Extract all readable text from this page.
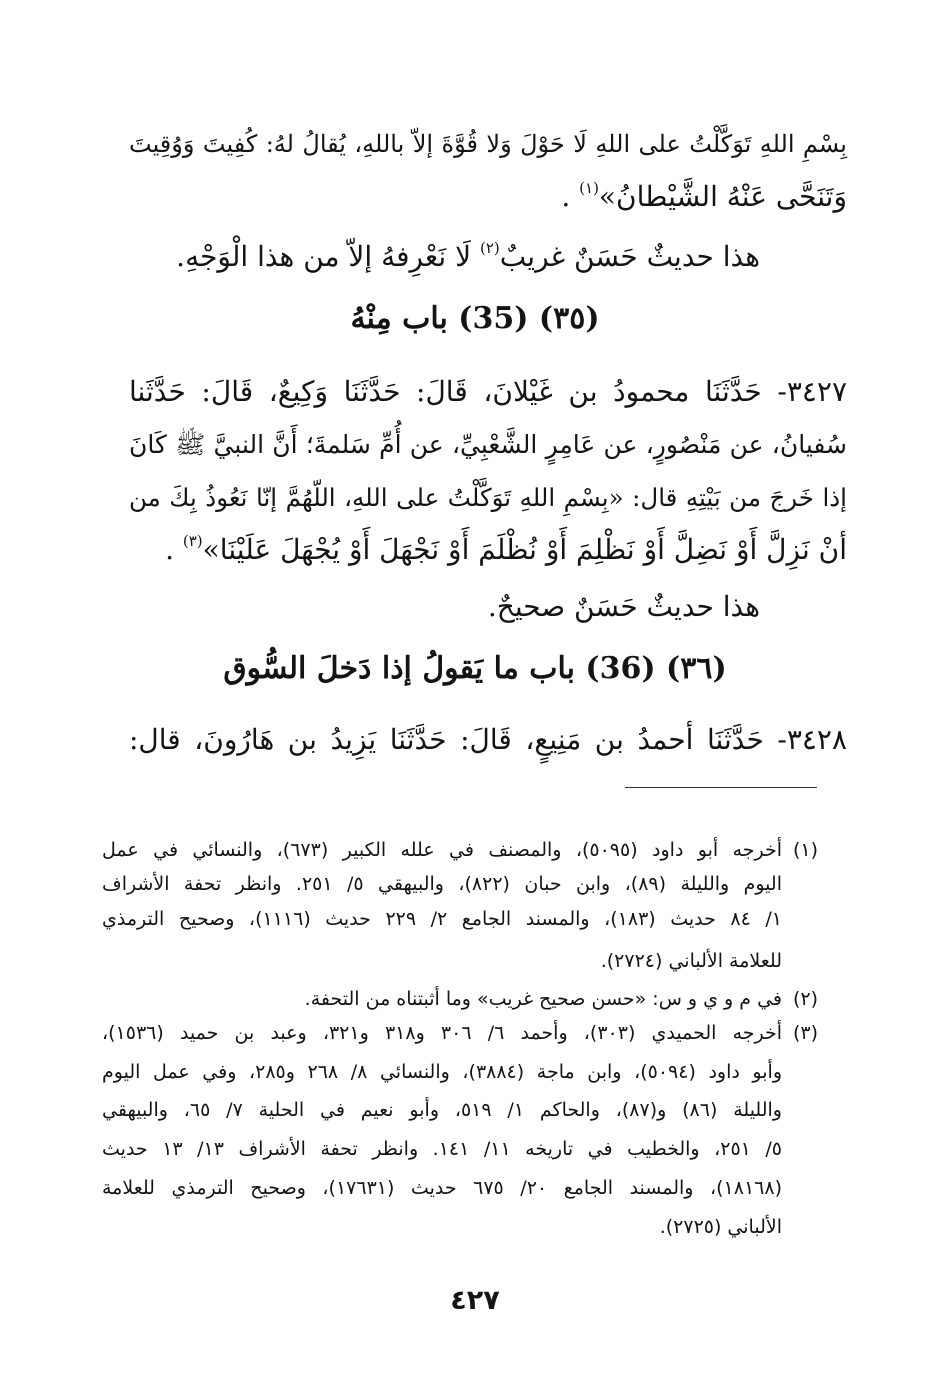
بِسْمِ اللهِ تَوَكَّلْتُ على اللهِ لَا حَوْلَ وَلا قُوَّةَ إلاّ باللهِ، يُقالُ لهُ: كُفِيتَ وَوُقِيتَ

وَتَنَحَّى عَنْهُ الشَّيْطانُ»$^{(١)}$ .

هذا حديثٌ حَسَنٌ غريبٌ$^{(٢)}$ لَا نَعْرِفهُ إلاّ من هذا الْوَجْهِ.

(٣٥) (35) باب مِنْهُ

٣٤٢٧- حَدَّثَنَا محمودُ بن غَيْلانَ، قَالَ: حَدَّثَنَا وَكِيعٌ، قَالَ: حَدَّثَنا

سُفيانُ، عن مَنْصُورٍ، عن عَامِرٍ الشَّعْبِيِّ، عن أُمِّ سَلمةَ؛ أَنَّ النبيَّ ﷺ كَانَ

إذا خَرجَ من بَيْتِهِ قال: «بِسْمِ اللهِ تَوَكَّلْتُ على اللهِ، اللّهُمَّ إنّا نَعُوذُ بِكَ من

أنْ نَزِلَّ أَوْ نَضِلَّ أَوْ نَظْلِمَ أَوْ نُظْلَمَ أَوْ نَجْهَلَ أَوْ يُجْهَلَ عَلَيْنَا»$^{(٣)}$ .

هذا حديثٌ حَسَنٌ صحيحٌ.

(٣٦) (36) باب ما يَقولُ إذا دَخلَ السُّوق

٣٤٢٨- حَدَّثَنَا أحمدُ بن مَنِيعٍ، قَالَ: حَدَّثَنَا يَزِيدُ بن هَارُونَ، قال:

(١)

أخرجه أبو داود (٥٠٩٥)، والمصنف في علله الكبير (٦٧٣)، والنسائي في عمل

اليوم والليلة (٨٩)، وابن حبان (٨٢٢)، والبيهقي ٥/ ٢٥١. وانظر تحفة الأشراف

١/ ٨٤ حديث (١٨٣)، والمسند الجامع ٢/ ٢٢٩ حديث (١١١٦)، وصحيح الترمذي

للعلامة الألباني (٢٧٢٤).

(٢)

في م و ي و س: «حسن صحيح غريب» وما أثبتناه من التحفة.

(٣)

أخرجه الحميدي (٣٠٣)، وأحمد ٦/ ٣٠٦ و٣١٨ و٣٢١، وعبد بن حميد (١٥٣٦)،

وأبو داود (٥٠٩٤)، وابن ماجة (٣٨٨٤)، والنسائي ٨/ ٢٦٨ و٢٨٥، وفي عمل اليوم

والليلة (٨٦) و(٨٧)، والحاكم ١/ ٥١٩، وأبو نعيم في الحلية ٧/ ٦٥، والبيهقي

٥/ ٢٥١، والخطيب في تاريخه ١١/ ١٤١. وانظر تحفة الأشراف ١٣/ ١٣ حديث

(١٨١٦٨)، والمسند الجامع ٢٠/ ٦٧٥ حديث (١٧٦٣١)، وصحيح الترمذي للعلامة

الألباني (٢٧٢٥).

٤٢٧
